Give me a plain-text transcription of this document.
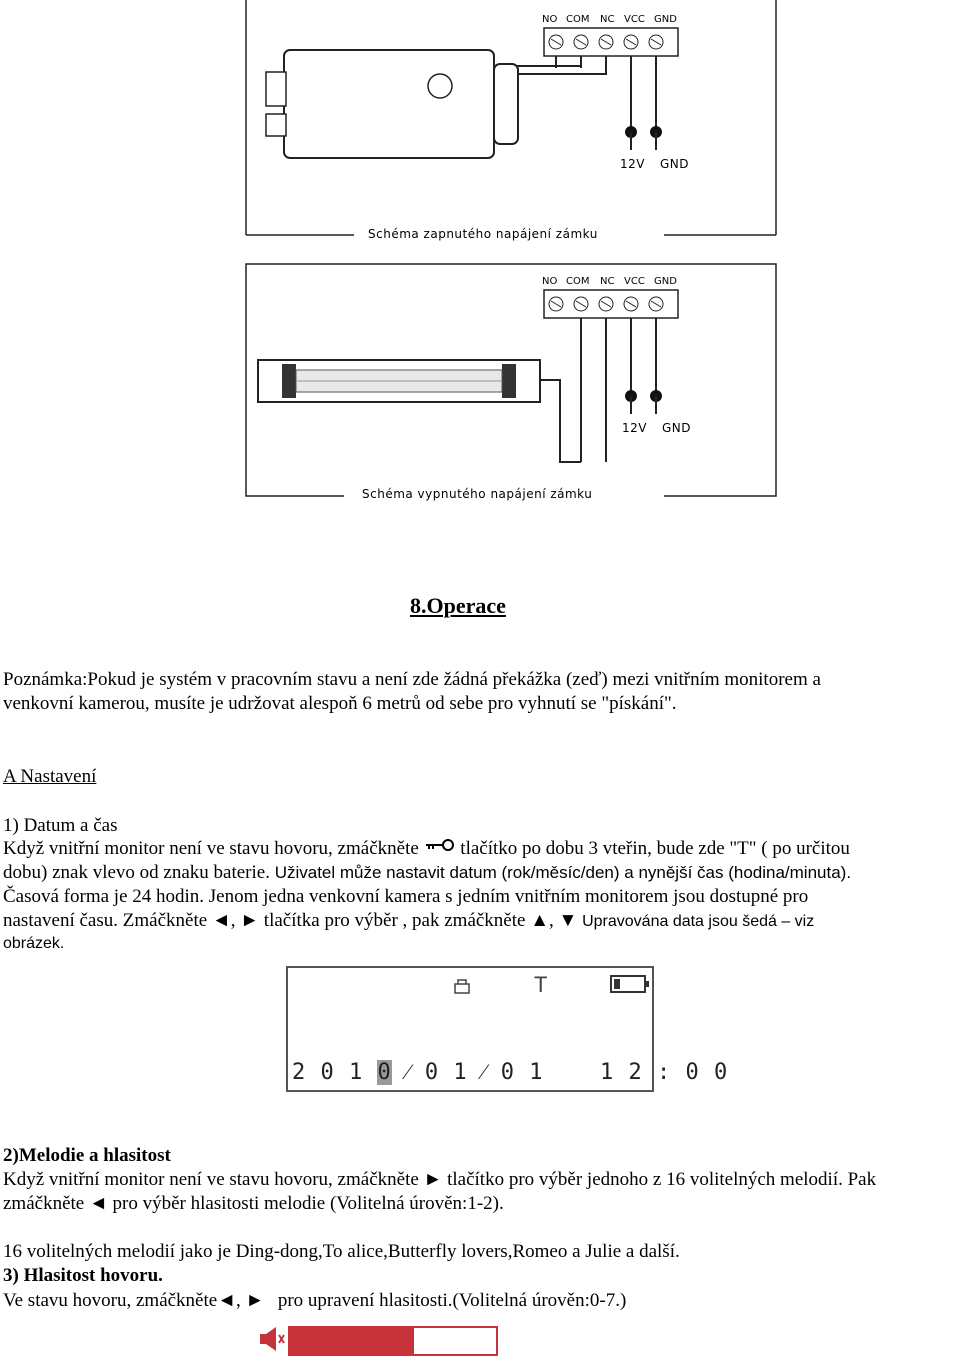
NO COM NC VCC GND
12V GND
Schéma zapnutého napájení zámku
NO COM NC VCC GND
12V GND
Schéma vypnutého napájení zámku
8.Operace
Poznámka:Pokud je systém v pracovním stavu a není zde žádná překážka (zeď) mezi vnitřním monitorem a
venkovní kamerou, musíte je udržovat alespoň 6 metrů od sebe pro vyhnutí se "pískání".
A Nastavení
1) Datum a čas
Když vnitřní monitor není ve stavu hovoru, zmáčkněte tlačítko po dobu 3 vteřin, bude zde "T" ( po určitou
dobu) znak vlevo od znaku baterie. Uživatel může nastavit datum (rok/měsíc/den) a nynější čas (hodina/minuta).
Časová forma je 24 hodin. Jenom jedna venkovní kamera s jedním vnitřním monitorem jsou dostupné pro
nastavení času. Zmáčkněte ◄, ► tlačítka pro výběr , pak zmáčkněte ▲, ▼ Upravována data jsou šedá – viz
obrázek.
T
2 0 1 0 ⁄ 0 1 ⁄ 0 1	1 2 : 0 0
2)Melodie a hlasitost
Když vnitřní monitor není ve stavu hovoru, zmáčkněte ► tlačítko pro výběr jednoho z 16 volitelných melodií. Pak
zmáčkněte ◄ pro výběr hlasitosti melodie (Volitelná úrověn:1-2).
16 volitelných melodií jako je Ding-dong,To alice,Butterfly lovers,Romeo a Julie a další.
3) Hlasitost hovoru.
Ve stavu hovoru, zmáčkněte◄, ► pro upravení hlasitosti.(Volitelná úrověn:0-7.)
